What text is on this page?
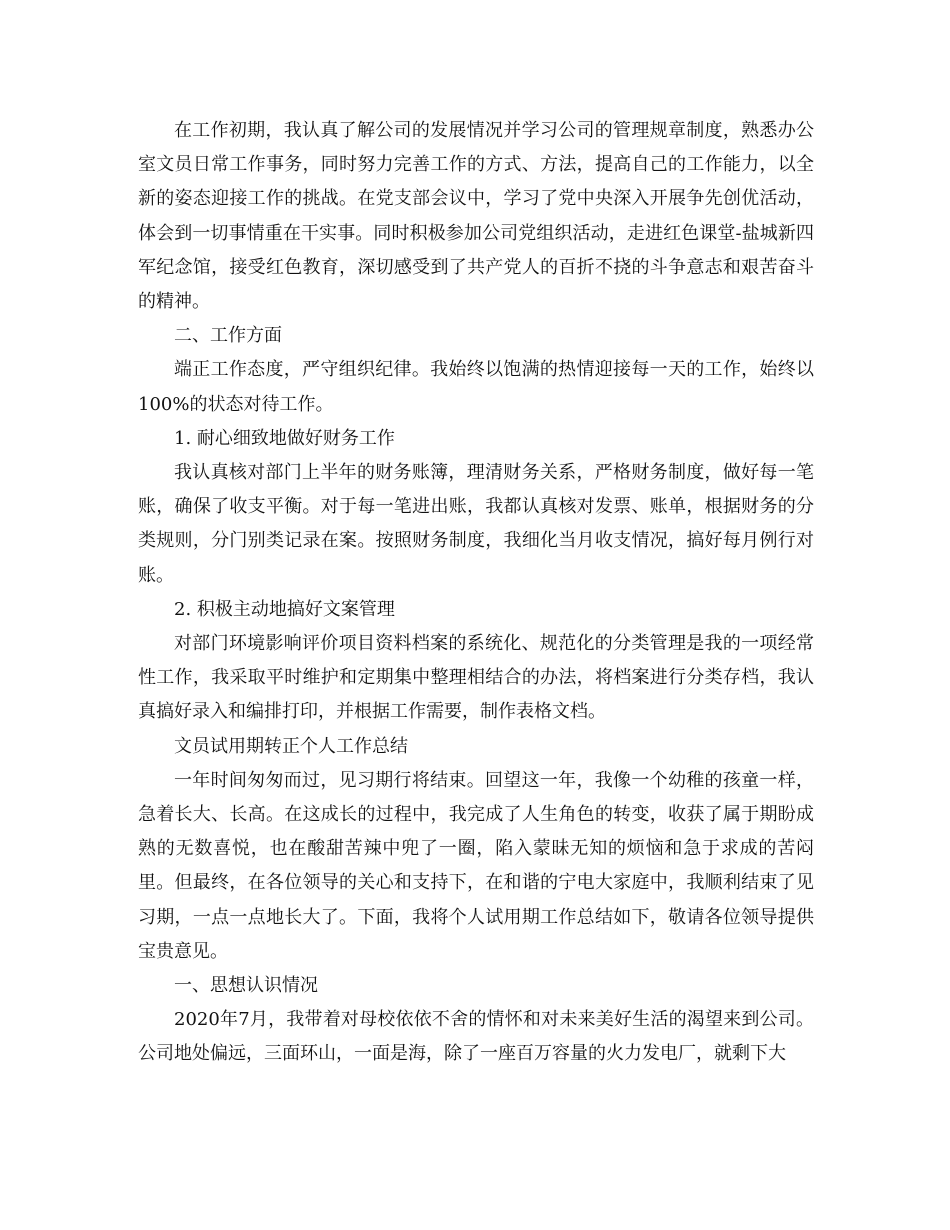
在工作初期，我认真了解公司的发展情况并学习公司的管理规章制度，熟悉办公室文员日常工作事务，同时努力完善工作的方式、方法，提高自己的工作能力，以全新的姿态迎接工作的挑战。在党支部会议中，学习了党中央深入开展争先创优活动，体会到一切事情重在干实事。同时积极参加公司党组织活动，走进红色课堂-盐城新四军纪念馆，接受红色教育，深切感受到了共产党人的百折不挠的斗争意志和艰苦奋斗的精神。

二、工作方面

端正工作态度，严守组织纪律。我始终以饱满的热情迎接每一天的工作，始终以100%的状态对待工作。

1. 耐心细致地做好财务工作

我认真核对部门上半年的财务账簿，理清财务关系，严格财务制度，做好每一笔账，确保了收支平衡。对于每一笔进出账，我都认真核对发票、账单，根据财务的分类规则，分门别类记录在案。按照财务制度，我细化当月收支情况，搞好每月例行对账。

2. 积极主动地搞好文案管理

对部门环境影响评价项目资料档案的系统化、规范化的分类管理是我的一项经常性工作，我采取平时维护和定期集中整理相结合的办法，将档案进行分类存档，我认真搞好录入和编排打印，并根据工作需要，制作表格文档。

文员试用期转正个人工作总结

一年时间匆匆而过，见习期行将结束。回望这一年，我像一个幼稚的孩童一样，急着长大、长高。在这成长的过程中，我完成了人生角色的转变，收获了属于期盼成熟的无数喜悦，也在酸甜苦辣中兜了一圈，陷入蒙昧无知的烦恼和急于求成的苦闷里。但最终，在各位领导的关心和支持下，在和谐的宁电大家庭中，我顺利结束了见习期，一点一点地长大了。下面，我将个人试用期工作总结如下，敬请各位领导提供宝贵意见。

一、思想认识情况

2020年7月，我带着对母校依依不舍的情怀和对未来美好生活的渴望来到公司。公司地处偏远，三面环山，一面是海，除了一座百万容量的火力发电厂，就剩下大
